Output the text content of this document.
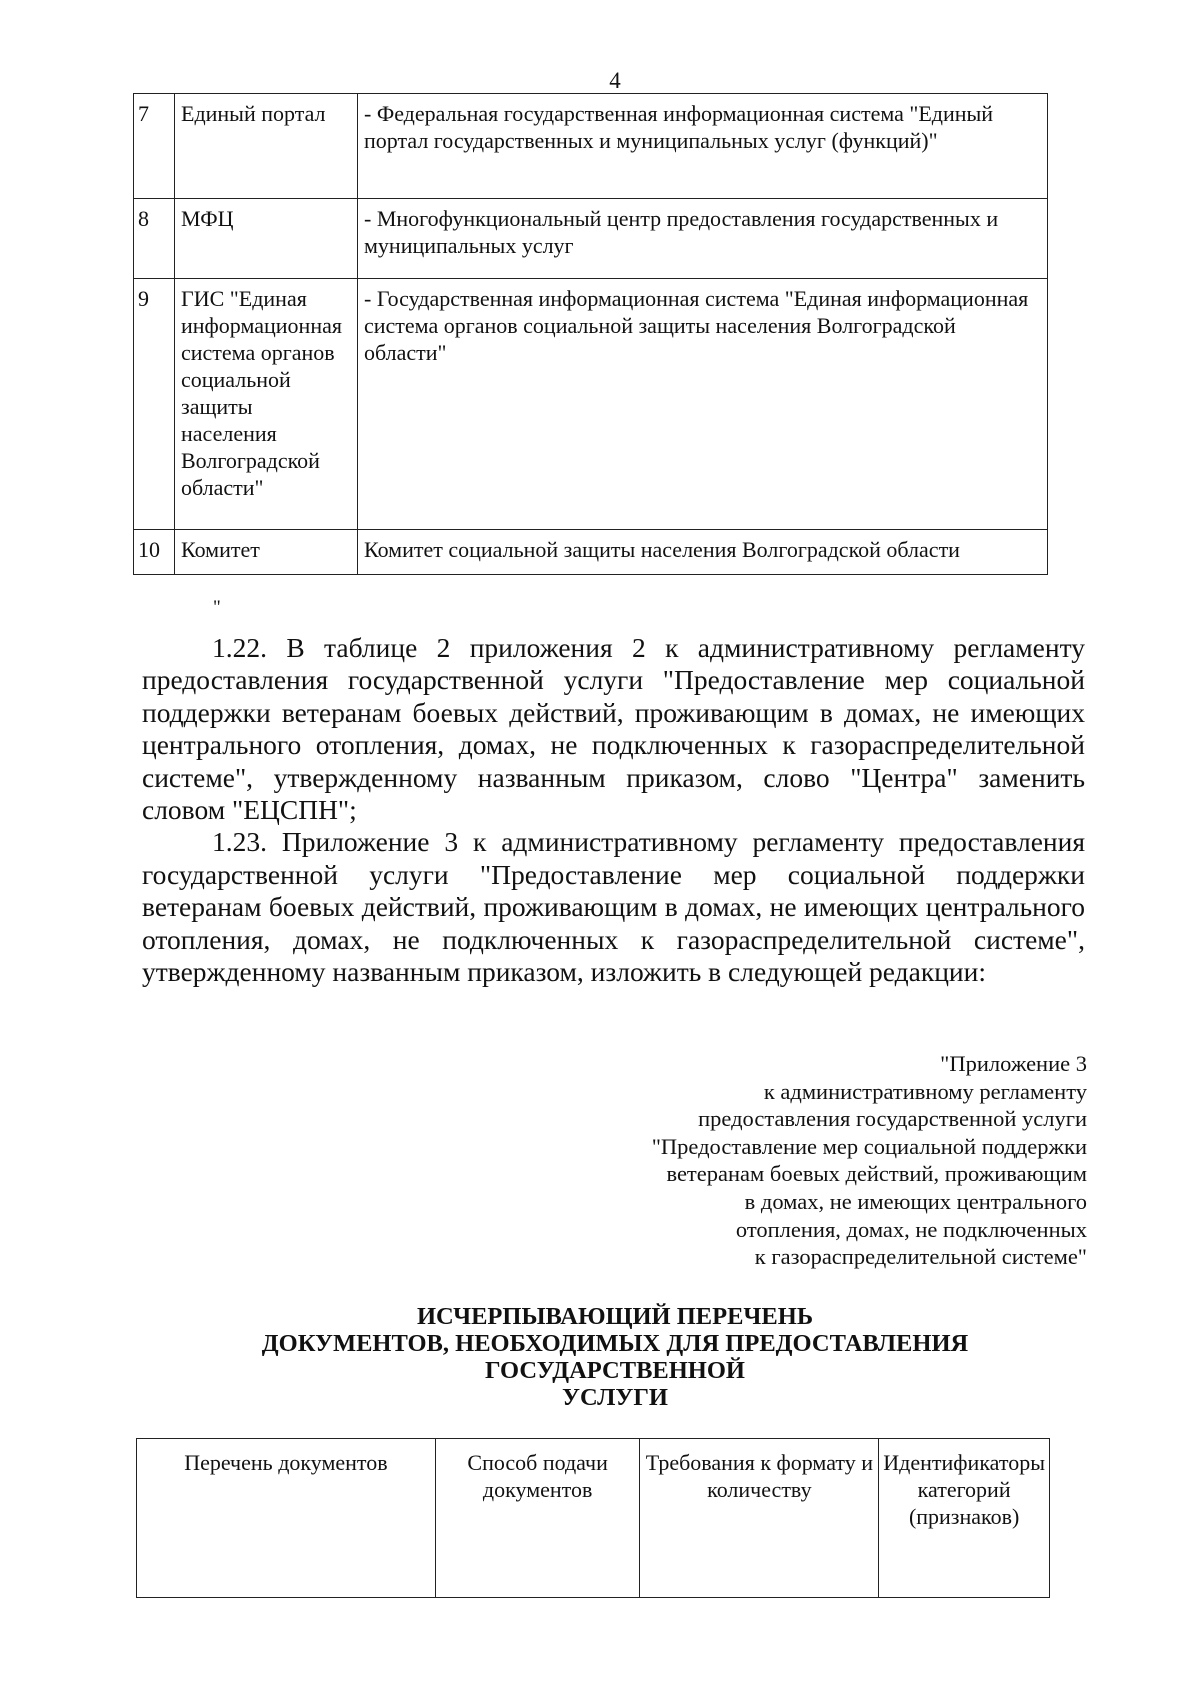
4
7	Единый портал	- Федеральная государственная информационная система "Единый портал государственных и муниципальных услуг (функций)"
8	МФЦ	- Многофункциональный центр предоставления государственных и муниципальных услуг
9	ГИС "Единая информационная система органов социальной защиты населения Волгоградской области"	- Государственная информационная система "Единая информационная система органов социальной защиты населения Волгоградской области"
10	Комитет	Комитет социальной защиты населения Волгоградской области
"

1.22. В таблице 2 приложения 2 к административному регламенту предоставления государственной услуги "Предоставление мер социальной поддержки ветеранам боевых действий, проживающим в домах, не имеющих центрального отопления, домах, не подключенных к газораспределительной системе", утвержденному названным приказом, слово "Центра" заменить словом "ЕЦСПН";

1.23. Приложение 3 к административному регламенту предоставления государственной услуги "Предоставление мер социальной поддержки ветеранам боевых действий, проживающим в домах, не имеющих центрального отопления, домах, не подключенных к газораспределительной системе", утвержденному названным приказом, изложить в следующей редакции:

"Приложение 3
к административному регламенту
предоставления государственной услуги
"Предоставление мер социальной поддержки
ветеранам боевых действий, проживающим
в домах, не имеющих центрального
отопления, домах, не подключенных
к газораспределительной системе"
ИСЧЕРПЫВАЮЩИЙ ПЕРЕЧЕНЬ
ДОКУМЕНТОВ, НЕОБХОДИМЫХ ДЛЯ ПРЕДОСТАВЛЕНИЯ
ГОСУДАРСТВЕННОЙ
УСЛУГИ
Перечень документов	Способ подачи документов	Требования к формату и количеству	Идентификаторы категорий (признаков)
